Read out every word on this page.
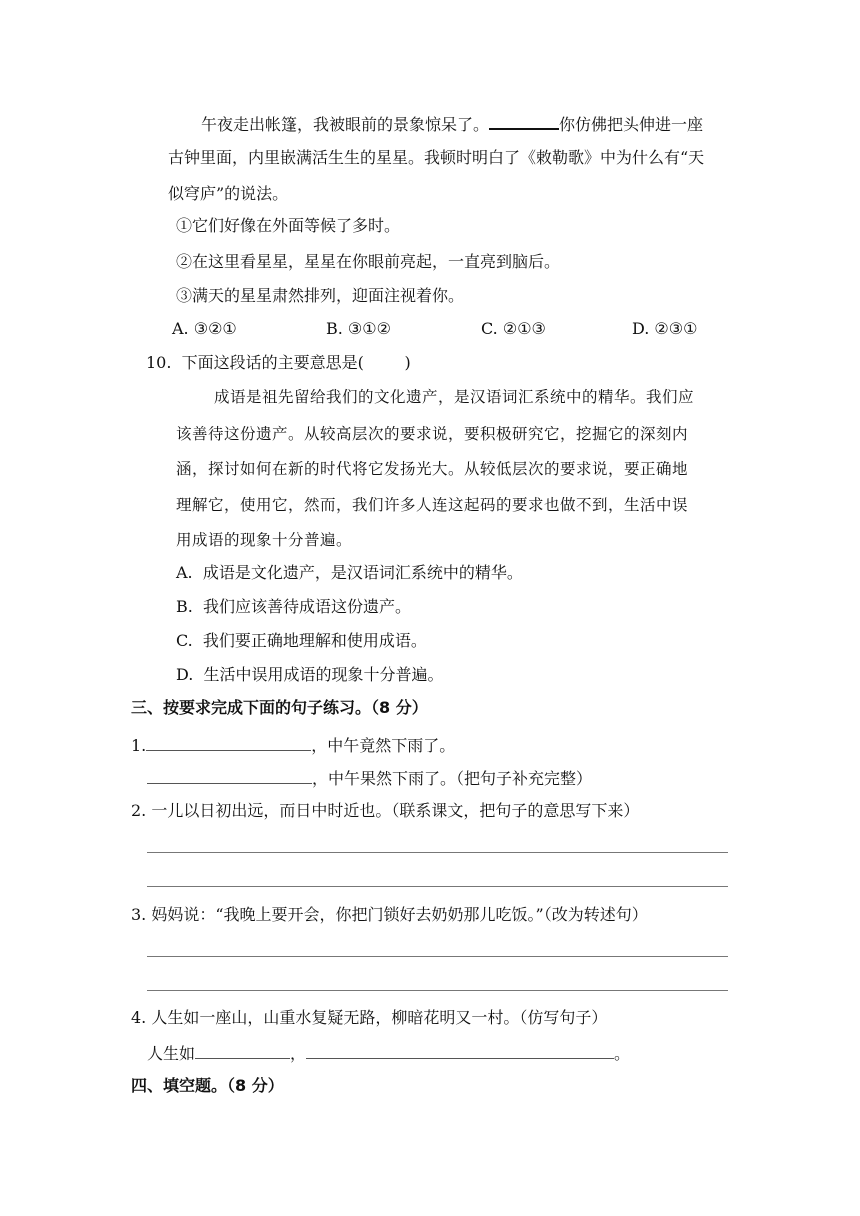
午夜走出帐篷，我被眼前的景象惊呆了。	你仿佛把头伸进一座
古钟里面，内里嵌满活生生的星星。我顿时明白了《敕勒歌》中为什么有“天
似穹庐”的说法。
①它们好像在外面等候了多时。
②在这里看星星，星星在你眼前亮起，一直亮到脑后。
③满天的星星肃然排列，迎面注视着你。
A. ③②①	B. ③①②	C. ②①③	D. ②③①
10.  下面这段话的主要意思是(        )
成语是祖先留给我们的文化遗产，是汉语词汇系统中的精华。我们应
该善待这份遗产。从较高层次的要求说，要积极研究它，挖掘它的深刻内
涵，探讨如何在新的时代将它发扬光大。从较低层次的要求说，要正确地
理解它，使用它，然而，我们许多人连这起码的要求也做不到，生活中误
用成语的现象十分普遍。
A.  成语是文化遗产，是汉语词汇系统中的精华。
B.  我们应该善待成语这份遗产。
C.  我们要正确地理解和使用成语。
D.  生活中误用成语的现象十分普遍。
三、按要求完成下面的句子练习。（8 分）
1.	，中午竟然下雨了。
，中午果然下雨了。（把句子补充完整）
2. 一儿以日初出远，而日中时近也。（联系课文，把句子的意思写下来）
3. 妈妈说：“我晚上要开会，你把门锁好去奶奶那儿吃饭。”（改为转述句）
4. 人生如一座山，山重水复疑无路，柳暗花明又一村。（仿写句子）
人生如	，	。
四、填空题。（8 分）
